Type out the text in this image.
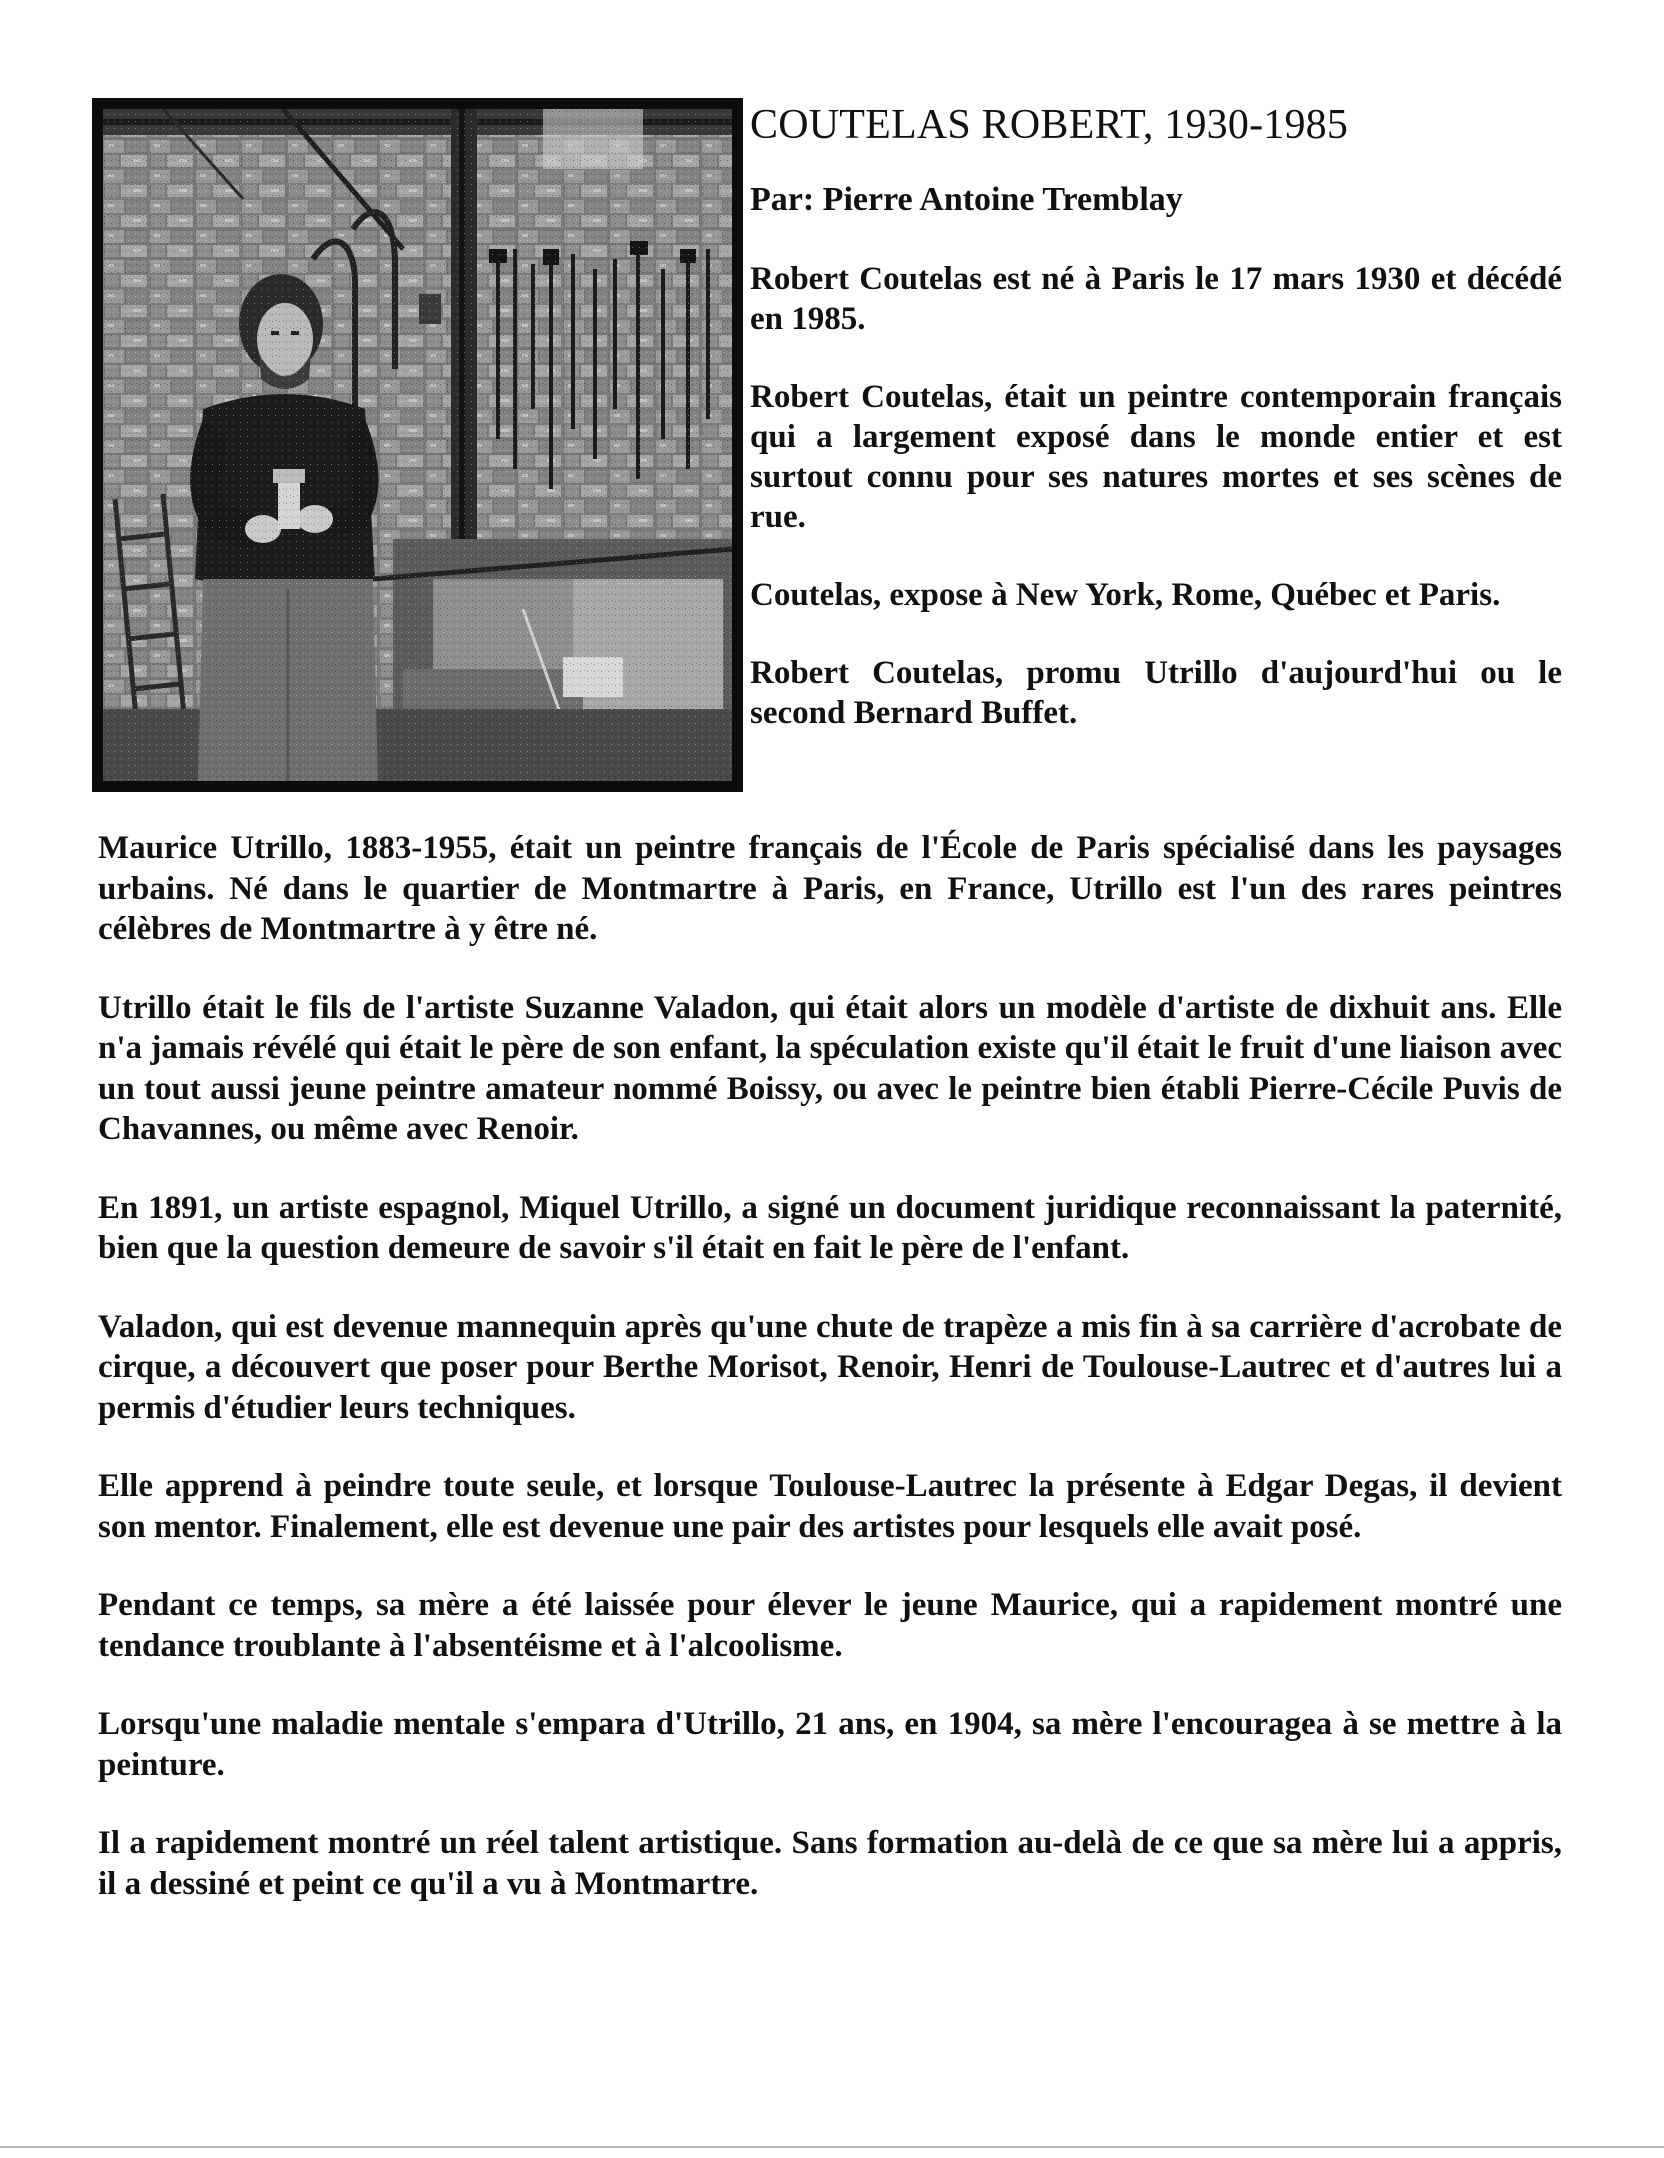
COUTELAS ROBERT, 1930-1985
Par: Pierre Antoine Tremblay

Robert Coutelas est né à Paris le 17 mars 1930 et décédé en 1985.

Robert Coutelas, était un peintre contemporain français qui a largement exposé dans le monde entier et est surtout connu pour ses natures mortes et ses scènes de rue.

Coutelas, expose à New York, Rome, Québec et Paris.

Robert Coutelas, promu Utrillo d'aujourd'hui ou le second Bernard Buffet.

Maurice Utrillo, 1883-1955, était un peintre français de l'École de Paris spécialisé dans les paysages urbains. Né dans le quartier de Montmartre à Paris, en France, Utrillo est l'un des rares peintres célèbres de Montmartre à y être né.

Utrillo était le fils de l'artiste Suzanne Valadon, qui était alors un modèle d'artiste de dixhuit ans. Elle n'a jamais révélé qui était le père de son enfant, la spéculation existe qu'il était le fruit d'une liaison avec un tout aussi jeune peintre amateur nommé Boissy, ou avec le peintre bien établi Pierre-Cécile Puvis de Chavannes, ou même avec Renoir.

En 1891, un artiste espagnol, Miquel Utrillo, a signé un document juridique reconnaissant la paternité, bien que la question demeure de savoir s'il était en fait le père de l'enfant.

Valadon, qui est devenue mannequin après qu'une chute de trapèze a mis fin à sa carrière d'acrobate de cirque, a découvert que poser pour Berthe Morisot, Renoir, Henri de Toulouse-Lautrec et d'autres lui a permis d'étudier leurs techniques.

Elle apprend à peindre toute seule, et lorsque Toulouse-Lautrec la présente à Edgar Degas, il devient son mentor. Finalement, elle est devenue une pair des artistes pour lesquels elle avait posé.

Pendant ce temps, sa mère a été laissée pour élever le jeune Maurice, qui a rapidement montré une tendance troublante à l'absentéisme et à l'alcoolisme.

Lorsqu'une maladie mentale s'empara d'Utrillo, 21 ans, en 1904, sa mère l'encouragea à se mettre à la peinture.

Il a rapidement montré un réel talent artistique. Sans formation au-delà de ce que sa mère lui a appris, il a dessiné et peint ce qu'il a vu à Montmartre.
